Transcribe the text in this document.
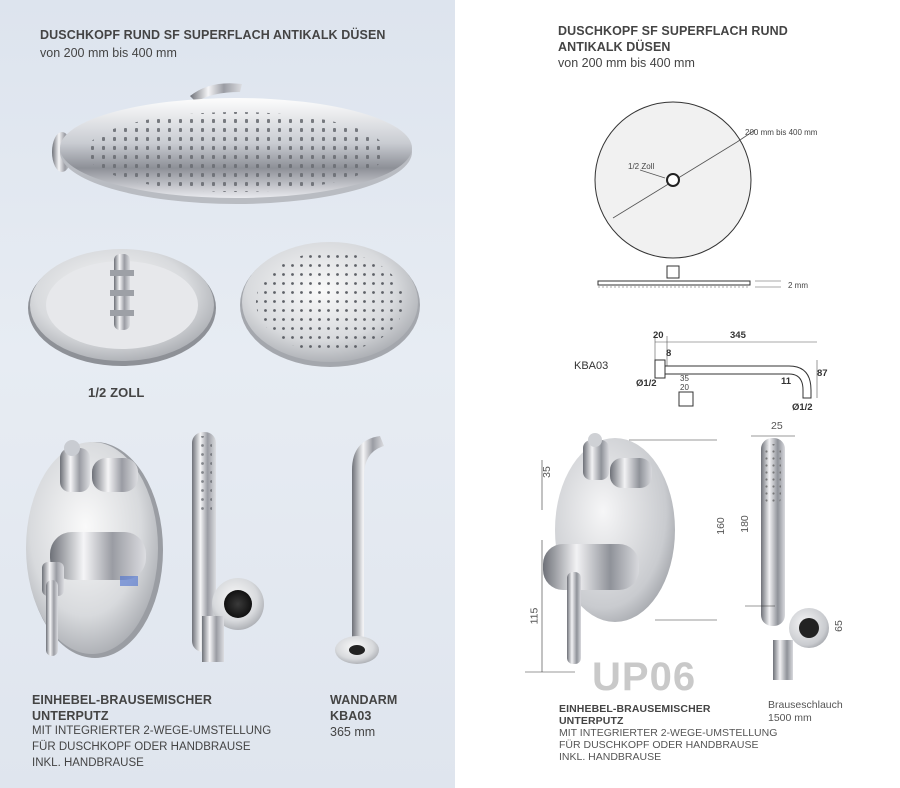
DUSCHKOPF RUND SF SUPERFLACH ANTIKALK DÜSEN
von 200 mm bis 400 mm
1/2 ZOLL
EINHEBEL-BRAUSEMISCHER
UNTERPUTZ
MIT INTEGRIERTER 2-WEGE-UMSTELLUNG
FÜR DUSCHKOPF ODER HANDBRAUSE
INKL. HANDBRAUSE
WANDARM
KBA03
365 mm
DUSCHKOPF SF SUPERFLACH RUND
ANTIKALK DÜSEN
von 200 mm bis 400 mm
200 mm bis 400 mm
1/2 Zoll
2 mm
KBA03
20	345
8
Ø1/2	35
20
11
87
Ø1/2
35
160
115
25
180
65
UP06
Brauseschlauch
1500 mm
EINHEBEL-BRAUSEMISCHER
UNTERPUTZ
MIT INTEGRIERTER 2-WEGE-UMSTELLUNG
FÜR DUSCHKOPF ODER HANDBRAUSE
INKL. HANDBRAUSE
